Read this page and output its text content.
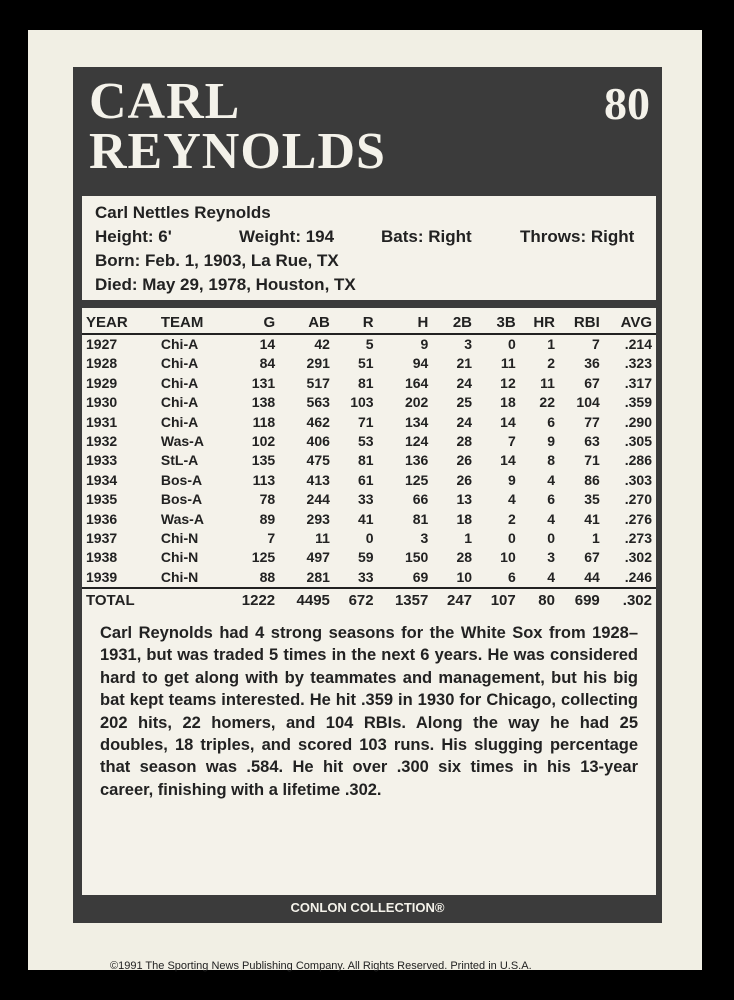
CARL
REYNOLDS
80
Carl Nettles Reynolds
Height: 6'	Weight: 194	Bats: Right	Throws: Right
Born: Feb. 1, 1903, La Rue, TX
Died: May 29, 1978, Houston, TX
YEAR	TEAM	G	AB	R	H	2B	3B	HR	RBI	AVG
1927	Chi-A	14	42	5	9	3	0	1	7	.214
1928	Chi-A	84	291	51	94	21	11	2	36	.323
1929	Chi-A	131	517	81	164	24	12	11	67	.317
1930	Chi-A	138	563	103	202	25	18	22	104	.359
1931	Chi-A	118	462	71	134	24	14	6	77	.290
1932	Was-A	102	406	53	124	28	7	9	63	.305
1933	StL-A	135	475	81	136	26	14	8	71	.286
1934	Bos-A	113	413	61	125	26	9	4	86	.303
1935	Bos-A	78	244	33	66	13	4	6	35	.270
1936	Was-A	89	293	41	81	18	2	4	41	.276
1937	Chi-N	7	11	0	3	1	0	0	1	.273
1938	Chi-N	125	497	59	150	28	10	3	67	.302
1939	Chi-N	88	281	33	69	10	6	4	44	.246
TOTAL		1222	4495	672	1357	247	107	80	699	.302
Carl Reynolds had 4 strong seasons for the White Sox from 1928–1931, but was traded 5 times in the next 6 years. He was considered hard to get along with by teammates and management, but his big bat kept teams interested. He hit .359 in 1930 for Chicago, collecting 202 hits, 22 homers, and 104 RBIs. Along the way he had 25 doubles, 18 triples, and scored 103 runs. His slugging percentage that season was .584. He hit over .300 six times in his 13-year career, finishing with a lifetime .302.
The Sporting News®
CONLON COLLECTION®
©1991 The Sporting News Publishing Company. All Rights Reserved. Printed in U.S.A.
